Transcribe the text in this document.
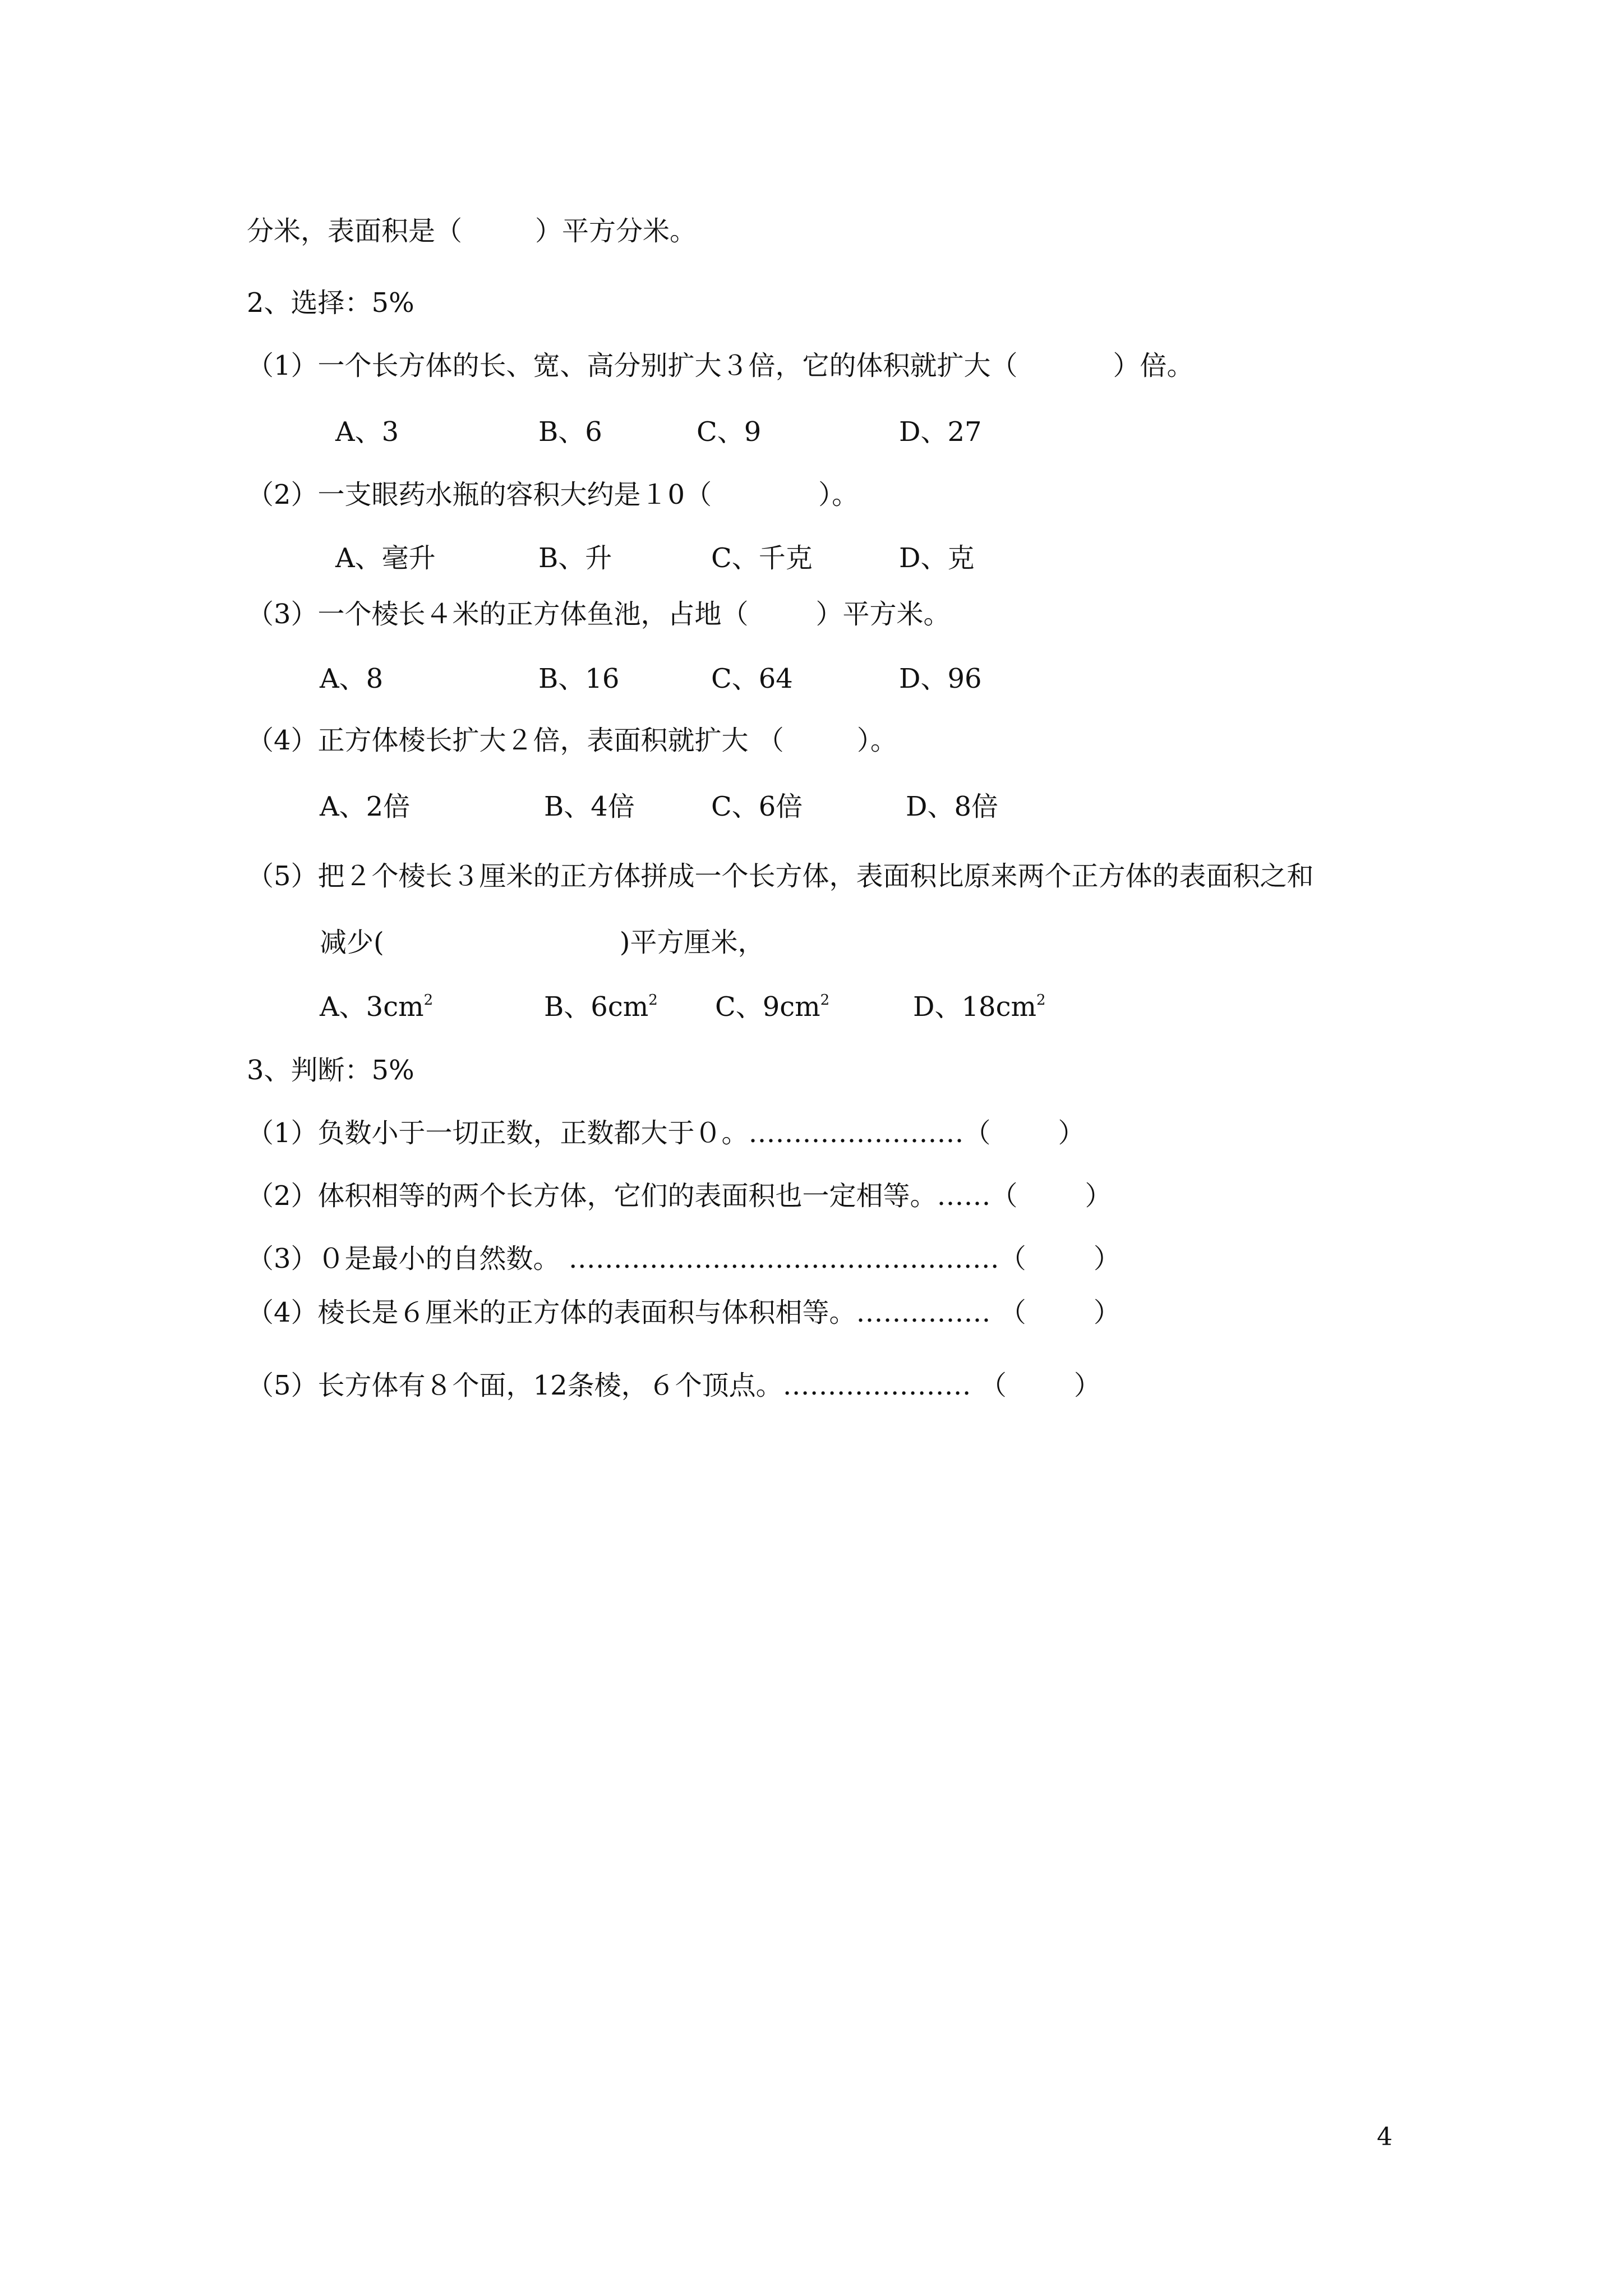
分米，表面积是（	）平方分米。
2、选择：5%
（1）一个长方体的长、宽、高分别扩大３倍，它的体积就扩大（	）倍。
A、3	B、6	C、9	D、27
（2）一支眼药水瓶的容积大约是１0（	）。
A、毫升	B、升	C、千克	D、克
（3）一个棱长４米的正方体鱼池，占地（	）平方米。
A、8	B、16	C、64	D、96
（4）正方体棱长扩大２倍，表面积就扩大 （	）。
A、2倍	B、4倍	C、6倍	D、8倍
（5）把２个棱长３厘米的正方体拼成一个长方体，表面积比原来两个正方体的表面积之和
减少(	)平方厘米，
A、$3cm^2$	B、$6cm^2$ C、$9cm^2$	D、$18cm^2$
3、判断：5%
（1）负数小于一切正数，正数都大于０。……………………（	）
（2）体积相等的两个长方体，它们的表面积也一定相等。……（	）
（3）０是最小的自然数。 …………………………………………（	）
（4）棱长是６厘米的正方体的表面积与体积相等。…………… （	）
（5）长方体有８个面，12条棱，６个顶点。………………… （	）
4
